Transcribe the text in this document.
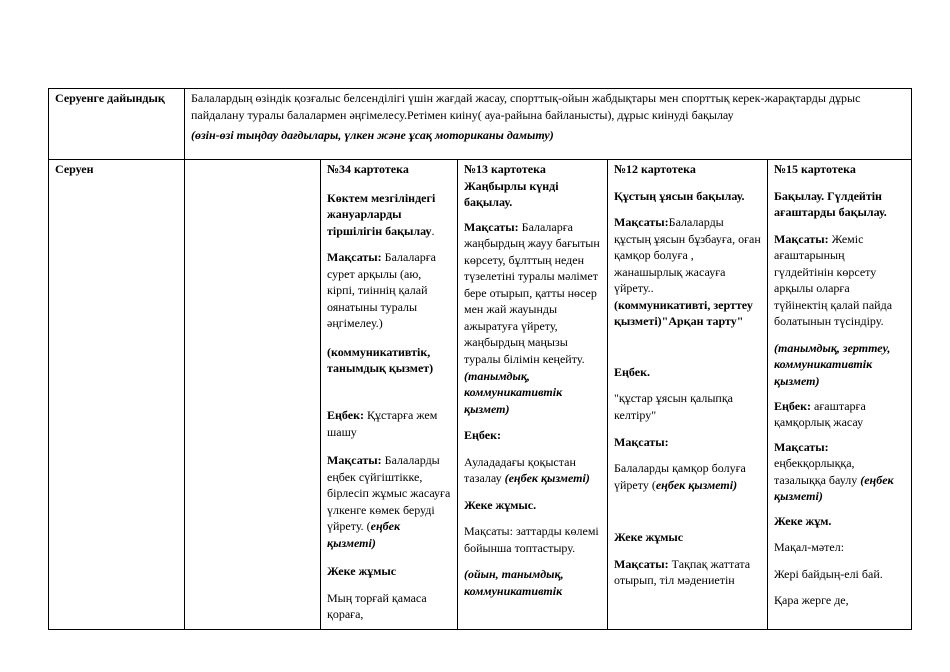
Серуенге дайындық	Балалардың өзіндік қозғалыс белсенділігі үшін жағдай жасау, спорттық-ойын жабдықтары мен спорттық керек-жарақтарды дұрыс пайдалану туралы балалармен әңгімелесу.Ретімен киіну( ауа-райына байланысты), дұрыс киінуді бақылау

(өзін-өзі тыңдау дағдылары, үлкен және ұсақ моториканы дамыту)

Серуен	№34 картотека

Көктем мезгіліндегі жануарларды тіршілігін бақылау.

Мақсаты: Балаларға сурет арқылы (аю, кірпі, тиіннің қалай оянатыны туралы әңгімелеу.)

(коммуникативтік, танымдық қызмет)

Еңбек: Құстарға жем шашу

Мақсаты: Балаларды еңбек сүйгіштікке, бірлесіп жұмыс жасауға үлкенге көмек беруді үйрету. (еңбек қызметі)

Жеке жұмыс

Мың торғай қамаса қораға,

№13 картотека

Жаңбырлы күнді бақылау.

Мақсаты: Балаларға жаңбырдың жауу бағытын көрсету, бұлттың неден түзелетіні туралы мәлімет бере отырып, қатты нөсер мен жай жауынды ажыратуға үйрету, жаңбырдың маңызы туралы білімін кеңейту. (танымдық, коммуникативтік қызмет)

Еңбек:

Аулададағы қоқыстан тазалау (еңбек қызметі)

Жеке жұмыс.

Мақсаты: заттарды көлемі бойынша топтастыру.

(ойын, танымдық, коммуникативтік

№12 картотека

Құстың ұясын бақылау.

Мақсаты:Балаларды құстың ұясын бұзбауға, оған қамқор болуға , жанашырлық жасауға үйрету..

(коммуникативті, зерттеу қызметі)"Арқан тарту"

Еңбек.

"құстар ұясын қалыпқа келтіру"

Мақсаты:

Балаларды қамқор болуға үйрету (еңбек қызметі)

Жеке жұмыс

Мақсаты: Тақпақ жаттата отырып, тіл мәдениетін

№15 картотека

Бақылау. Гүлдейтін ағаштарды бақылау.

Мақсаты: Жеміс ағаштарының гүлдейтінін көрсету арқылы оларға түйінектің қалай пайда болатынын түсіндіру.

(танымдық, зерттеу, коммуникативтік қызмет)

Еңбек: ағаштарға қамқорлық жасау

Мақсаты:

еңбекқорлыққа, тазалыққа баулу (еңбек қызметі)

Жеке жұм.

Мақал-мәтел:

Жері байдың-елі бай.

Қара жерге де,
